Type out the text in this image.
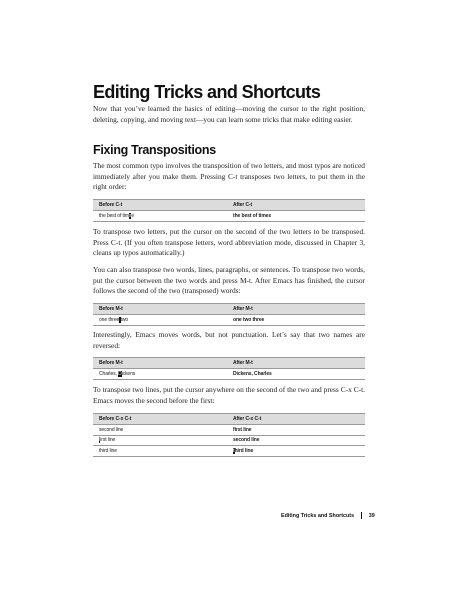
Editing Tricks and Shortcuts
Now that you’ve learned the basics of editing—moving the cursor to the right position, deleting, copying, and moving text—you can learn some tricks that make editing easier.
Fixing Transpositions
The most common typo involves the transposition of two letters, and most typos are noticed immediately after you make them. Pressing C-t transposes two letters, to put them in the right order:
Before C-t	After C-t
the best of timse	the best of times
To transpose two letters, put the cursor on the second of the two letters to be transposed. Press C-t. (If you often transpose letters, word abbreviation mode, discussed in Chapter 3, cleans up typos automatically.)
You can also transpose two words, lines, paragraphs, or sentences. To transpose two words, put the cursor between the two words and press M-t. After Emacs has finished, the cursor follows the second of the two (transposed) words:
Before M-t	After M-t
one three two	one two three
Interestingly, Emacs moves words, but not punctuation. Let’s say that two names are reversed:
Before M-t	After M-t
Charles, Dickens	Dickens, Charles
To transpose two lines, put the cursor anywhere on the second of the two and press C-x C-t. Emacs moves the second before the first:
Before C-x C-t	After C-x C-t
second line	first line
first line	second line
third line	third line
Editing Tricks and Shortcuts	39
